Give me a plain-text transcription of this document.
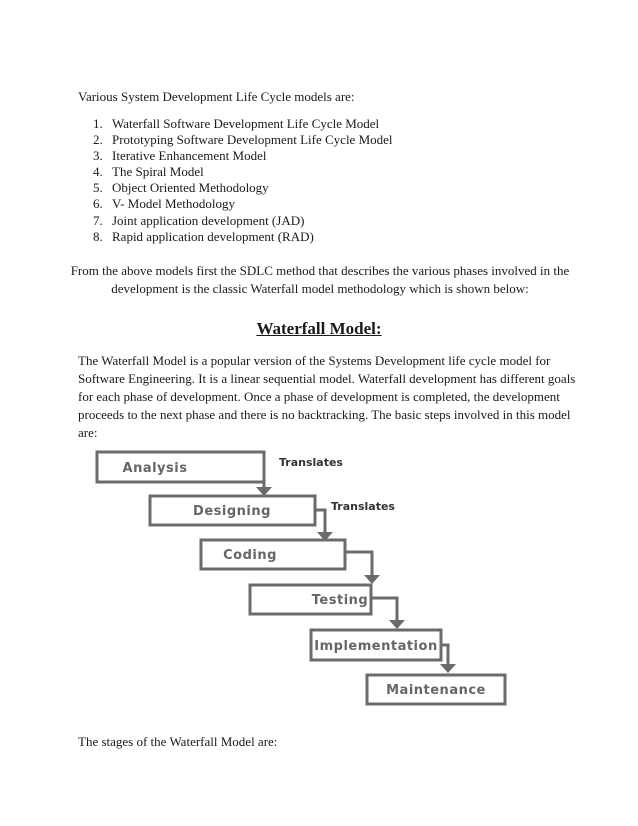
Various System Development Life Cycle models are:

1. Waterfall Software Development Life Cycle Model
2. Prototyping Software Development Life Cycle Model
3. Iterative Enhancement Model
4. The Spiral Model
5. Object Oriented Methodology
6. V- Model Methodology
7. Joint application development (JAD)
8. Rapid application development (RAD)

From the above models first the SDLC method that describes the various phases involved in the development is the classic Waterfall model methodology which is shown below:

Waterfall Model:
The Waterfall Model is a popular version of the Systems Development life cycle model for
Software Engineering. It is a linear sequential model. Waterfall development has different goals
for each phase of development. Once a phase of development is completed, the development
proceeds to the next phase and there is no backtracking. The basic steps involved in this model
are:
Analysis
Designing
Coding
Testing
Implementation
Maintenance
Translates
Translates

The stages of the Waterfall Model are:
